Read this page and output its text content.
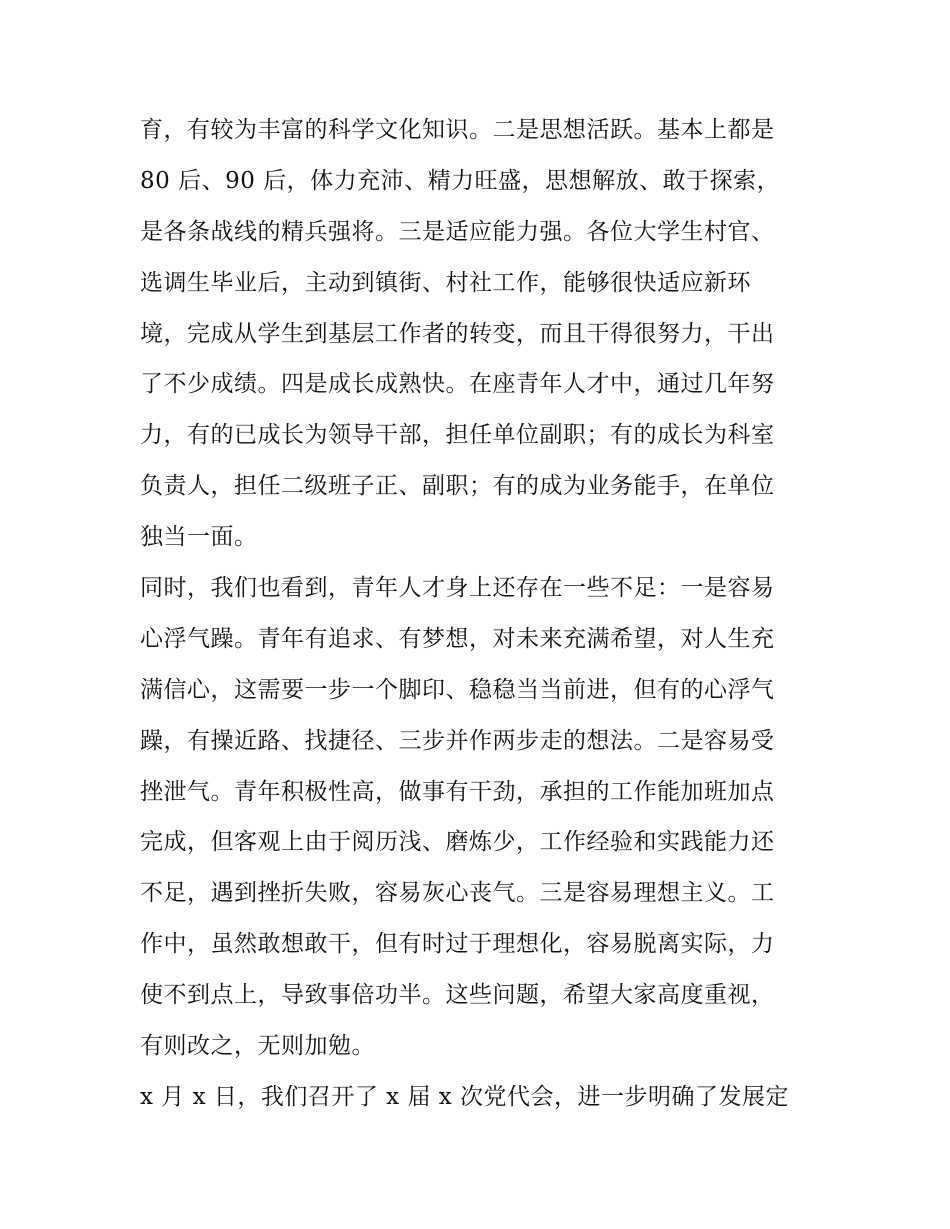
育，有较为丰富的科学文化知识。二是思想活跃。基本上都是
80 后、90 后，体力充沛、精力旺盛，思想解放、敢于探索，
是各条战线的精兵强将。三是适应能力强。各位大学生村官、
选调生毕业后，主动到镇街、村社工作，能够很快适应新环
境，完成从学生到基层工作者的转变，而且干得很努力，干出
了不少成绩。四是成长成熟快。在座青年人才中，通过几年努
力，有的已成长为领导干部，担任单位副职；有的成长为科室
负责人，担任二级班子正、副职；有的成为业务能手，在单位
独当一面。
同时，我们也看到，青年人才身上还存在一些不足：一是容易
心浮气躁。青年有追求、有梦想，对未来充满希望，对人生充
满信心，这需要一步一个脚印、稳稳当当前进，但有的心浮气
躁，有操近路、找捷径、三步并作两步走的想法。二是容易受
挫泄气。青年积极性高，做事有干劲，承担的工作能加班加点
完成，但客观上由于阅历浅、磨炼少，工作经验和实践能力还
不足，遇到挫折失败，容易灰心丧气。三是容易理想主义。工
作中，虽然敢想敢干，但有时过于理想化，容易脱离实际，力
使不到点上，导致事倍功半。这些问题，希望大家高度重视，
有则改之，无则加勉。
x 月 x 日，我们召开了 x 届 x 次党代会，进一步明确了发展定
